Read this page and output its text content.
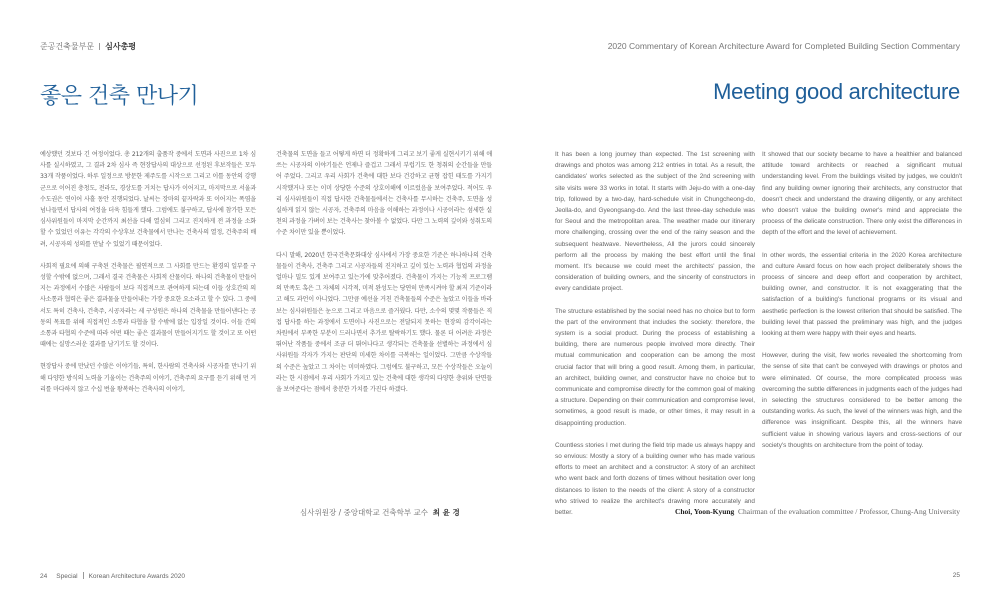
준공건축물부문 심사총평	2020 Commentary of Korean Architecture Award for Completed Building Section Commentary
좋은 건축 만나기	Meeting good architecture

예상했던 것보다 긴 여정이었다. 총 212개의 출품작 중에서 도면과 사진으로 1차 심사를 실시하였고, 그 결과 2차 심사 즉 현장답사의 대상으로 선정된 후보작들은 모두 33개 작품이었다. 하루 일정으로 방문한 제주도를 시작으로 그리고 이틀 동안의 강행군으로 이어진 충청도, 전라도, 경상도를 거치는 답사가 이어지고, 마지막으로 서울과 수도권은 연이어 사흘 동안 진행되었다. 날씨는 장마의 끝자락과 또 이어지는 폭염을 넘나들면서 답사의 여정을 더욱 힘들게 했다. 그럼에도 불구하고, 답사에 참가한 모든 심사위원들이 마지막 순간까지 최선을 다해 열심히 그리고 진지하게 전 과정을 소화할 수 있었던 이유는 각각의 수상후보 건축물에서 만나는 건축사의 열정, 건축주의 배려, 시공자의 성의를 만날 수 있었기 때문이었다.

사회적 필요에 의해 구축된 건축물은 필연적으로 그 사회를 만드는 환경의 일부를 구성할 수밖에 없으며, 그래서 결국 건축물은 사회적 산물이다. 하나의 건축물이 만들어지는 과정에서 수많은 사람들이 보다 직접적으로 관여하게 되는데 이들 상호간의 의사소통과 협력은 좋은 결과물을 만들어내는 가장 중요한 요소라고 할 수 있다. 그 중에서도 특히 건축사, 건축주, 시공자라는 세 구성원은 하나의 건축물을 만들어낸다는 공동의 목표를 위해 직접적인 소통과 타협을 할 수밖에 없는 입장일 것이다. 이들 간의 소통과 타협의 수준에 따라 어떤 때는 좋은 결과물이 만들어지기도 할 것이고 또 어떤 때에는 실망스러운 결과를 남기기도 할 것이다.

현장답사 중에 만났던 수많은 이야기들, 특히, 한사람의 건축사와 시공자를 만나기 위해 다양한 방식의 노력을 기울이는 건축주의 이야기, 건축주의 요구를 듣기 위해 먼 거리를 마다하지 않고 수십 번을 왕복하는 건축사의 이야기,

건축물의 도면을 들고 어떻게 하면 더 정확하게 그리고 보기 좋게 실현시키기 위해 애쓰는 시공자의 이야기들은 언제나 즐겁고 그래서 부럽기도 한 청취의 순간들을 만들어 주었다. 그리고 우리 사회가 건축에 대한 보다 건강하고 균형 잡힌 태도를 가지기 시작했거나 또는 이미 상당한 수준의 상호이해에 이르렀음을 보여주었다. 적어도 우리 심사위원들이 직접 답사한 건축물들에서는 건축사를 무시하는 건축주, 도면을 성실하게 읽지 않는 시공자, 건축주의 마음을 이해하는 과정이나 시공이라는 섬세한 실천의 과정을 가벼이 보는 건축사는 찾아볼 수 없었다. 다만 그 노력의 깊이와 성취도의 수준 차이만 있을 뿐이었다.

다시 말해, 2020년 한국건축문화대상 심사에서 가장 중요한 기준은 하나하나의 건축물들이 건축사, 건축주 그리고 시공자들의 진지하고 깊이 있는 노력과 협업의 과정을 얼마나 밀도 있게 보여주고 있는가에 맞추어졌다. 건축물이 가지는 기능적 프로그램의 만족도 혹은 그 자체의 시각적, 미적 완성도는 당연히 만족시켜야 할 최저 기준이라고 해도 과언이 아니었다. 그만큼 예선을 거친 건축물들의 수준은 높았고 이들을 바라보는 심사위원들은 눈으로 그리고 마음으로 즐거웠다. 다만, 소수의 몇몇 작품들은 직접 답사를 하는 과정에서 도면이나 사진으로는 전달되지 못하는 현장의 감각이라는 차원에서 부족한 부분이 드러나면서 추가로 탈락하기도 했다. 물론 더 어려운 과정은 뛰어난 작품들 중에서 조금 더 뛰어나다고 생각되는 건축물을 선별하는 과정에서 심사위원들 각자가 가지는 판단의 미세한 차이를 극복하는 일이었다. 그만큼 수상작들의 수준은 높았고 그 차이는 미미하였다. 그럼에도 불구하고, 모든 수상작들은 오늘이라는 한 시점에서 우리 사회가 가지고 있는 건축에 대한 생각의 다양한 층위와 단면들을 보여준다는 점에서 충분한 가치를 가진다 하겠다.

It has been a long journey than expected. The 1st screening with drawings and photos was among 212 entries in total. As a result, the candidates' works selected as the subject of the 2nd screening with site visits were 33 works in total. It starts with Jeju-do with a one-day trip, followed by a two-day, hard-schedule visit in Chungcheong-do, Jeolla-do, and Gyeongsang-do. And the last three-day schedule was for Seoul and the metropolitan area. The weather made our itinerary more challenging, crossing over the end of the rainy season and the subsequent heatwave. Nevertheless, All the jurors could sincerely perform all the process by making the best effort until the final moment. It's because we could meet the architects' passion, the consideration of building owners, and the sincerity of constructors in every candidate project.

The structure established by the social need has no choice but to form the part of the environment that includes the society: therefore, the system is a social product. During the process of establishing a building, there are numerous people involved more directly. Their mutual communication and cooperation can be among the most crucial factor that will bring a good result. Among them, in particular, an architect, building owner, and constructor have no choice but to communicate and compromise directly for the common goal of making a structure. Depending on their communication and compromise level, sometimes, a good result is made, or other times, it may result in a disappointing production.

Countless stories I met during the field trip made us always happy and so envious: Mostly a story of a building owner who has made various efforts to meet an architect and a constructor: A story of an architect who went back and forth dozens of times without hesitation over long distances to listen to the needs of the client: A story of a constructor who strived to realize the architect's drawing more accurately and better.

It showed that our society became to have a healthier and balanced attitude toward architects or reached a significant mutual understanding level. From the buildings visited by judges, we couldn't find any building owner ignoring their architects, any constructor that doesn't check and understand the drawing diligently, or any architect who doesn't value the building owner's mind and appreciate the process of the delicate construction. There only exist the differences in depth of the effort and the level of achievement.

In other words, the essential criteria in the 2020 Korea architecture and culture Award focus on how each project deliberately shows the process of sincere and deep effort and cooperation by architect, building owner, and constructor. It is not exaggerating that the satisfaction of a building's functional programs or its visual and aesthetic perfection is the lowest criterion that should be satisfied. The building level that passed the preliminary was high, and the judges looking at them were happy with their eyes and hearts.

However, during the visit, few works revealed the shortcoming from the sense of site that can't be conveyed with drawings or photos and were eliminated. Of course, the more complicated process was overcoming the subtle differences in judgments each of the judges had in selecting the structures considered to be better among the outstanding works. As such, the level of the winners was high, and the difference was insignificant. Despite this, all the winners have sufficient value in showing various layers and cross-sections of our society's thoughts on architecture from the point of today.

심사위원장 / 중앙대학교 건축학부 교수 최 윤 경	Choi, Yoon-Kyung Chairman of the evaluation committee / Professor, Chung-Ang University
24 Special Korean Architecture Awards 2020	25
